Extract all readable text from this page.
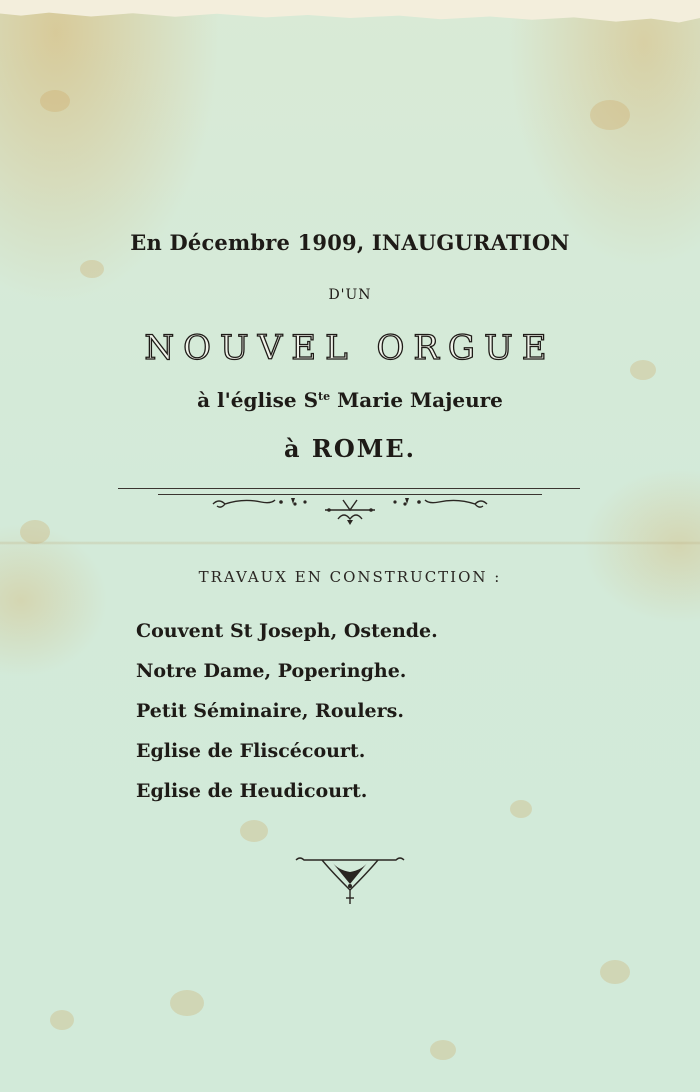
En Décembre 1909, INAUGURATION
D'UN
NOUVEL ORGUE
à l'église $S^{te}$ Marie Majeure
à ROME.
TRAVAUX EN CONSTRUCTION :
Couvent St Joseph, Ostende.
Notre Dame, Poperinghe.
Petit Séminaire, Roulers.
Eglise de Fliscécourt.
Eglise de Heudicourt.
